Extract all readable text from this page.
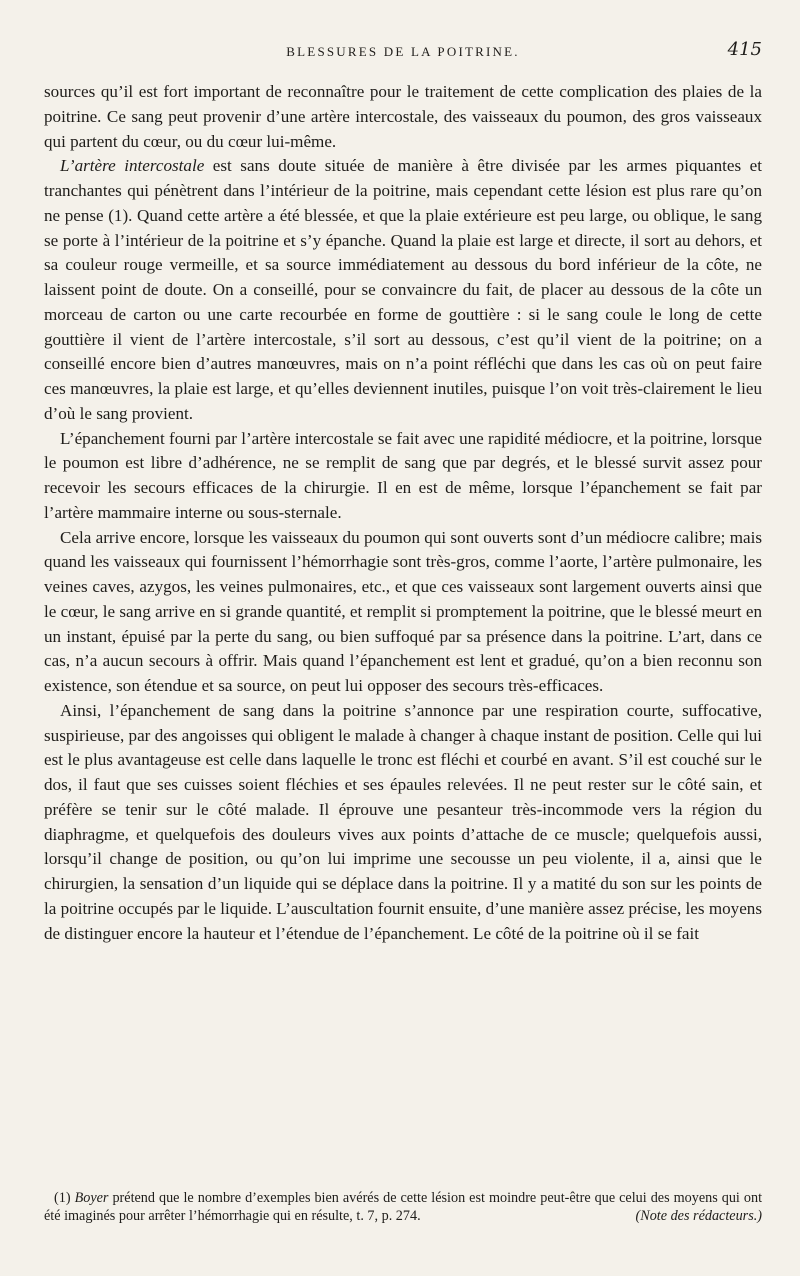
BLESSURES DE LA POITRINE.	415

sources qu’il est fort important de reconnaître pour le traitement de cette complication des plaies de la poitrine. Ce sang peut provenir d’une artère intercostale, des vaisseaux du poumon, des gros vaisseaux qui partent du cœur, ou du cœur lui-même.

L’artère intercostale est sans doute située de manière à être divisée par les armes piquantes et tranchantes qui pénètrent dans l’intérieur de la poitrine, mais cependant cette lésion est plus rare qu’on ne pense (1). Quand cette artère a été blessée, et que la plaie extérieure est peu large, ou oblique, le sang se porte à l’intérieur de la poitrine et s’y épanche. Quand la plaie est large et directe, il sort au dehors, et sa couleur rouge vermeille, et sa source immédiatement au dessous du bord inférieur de la côte, ne laissent point de doute. On a conseillé, pour se convaincre du fait, de placer au dessous de la côte un morceau de carton ou une carte recourbée en forme de gouttière : si le sang coule le long de cette gouttière il vient de l’artère intercostale, s’il sort au dessous, c’est qu’il vient de la poitrine; on a conseillé encore bien d’autres manœuvres, mais on n’a point réfléchi que dans les cas où on peut faire ces manœuvres, la plaie est large, et qu’elles deviennent inutiles, puisque l’on voit très-clairement le lieu d’où le sang provient.

L’épanchement fourni par l’artère intercostale se fait avec une rapidité médiocre, et la poitrine, lorsque le poumon est libre d’adhérence, ne se remplit de sang que par degrés, et le blessé survit assez pour recevoir les secours efficaces de la chirurgie. Il en est de même, lorsque l’épanchement se fait par l’artère mammaire interne ou sous-sternale.

Cela arrive encore, lorsque les vaisseaux du poumon qui sont ouverts sont d’un médiocre calibre; mais quand les vaisseaux qui fournissent l’hémorrhagie sont très-gros, comme l’aorte, l’artère pulmonaire, les veines caves, azygos, les veines pulmonaires, etc., et que ces vaisseaux sont largement ouverts ainsi que le cœur, le sang arrive en si grande quantité, et remplit si promptement la poitrine, que le blessé meurt en un instant, épuisé par la perte du sang, ou bien suffoqué par sa présence dans la poitrine. L’art, dans ce cas, n’a aucun secours à offrir. Mais quand l’épanchement est lent et gradué, qu’on a bien reconnu son existence, son étendue et sa source, on peut lui opposer des secours très-efficaces.

Ainsi, l’épanchement de sang dans la poitrine s’annonce par une respiration courte, suffocative, suspirieuse, par des angoisses qui obligent le malade à changer à chaque instant de position. Celle qui lui est le plus avantageuse est celle dans laquelle le tronc est fléchi et courbé en avant. S’il est couché sur le dos, il faut que ses cuisses soient fléchies et ses épaules relevées. Il ne peut rester sur le côté sain, et préfère se tenir sur le côté malade. Il éprouve une pesanteur très-incommode vers la région du diaphragme, et quelquefois des douleurs vives aux points d’attache de ce muscle; quelquefois aussi, lorsqu’il change de position, ou qu’on lui imprime une secousse un peu violente, il a, ainsi que le chirurgien, la sensation d’un liquide qui se déplace dans la poitrine. Il y a matité du son sur les points de la poitrine occupés par le liquide. L’auscultation fournit ensuite, d’une manière assez précise, les moyens de distinguer encore la hauteur et l’étendue de l’épanchement. Le côté de la poitrine où il se fait

(1) Boyer prétend que le nombre d’exemples bien avérés de cette lésion est moindre peut-être que celui des moyens qui ont été imaginés pour arrêter l’hémorrhagie qui en résulte, t. 7, p. 274.	(Note des rédacteurs.)
